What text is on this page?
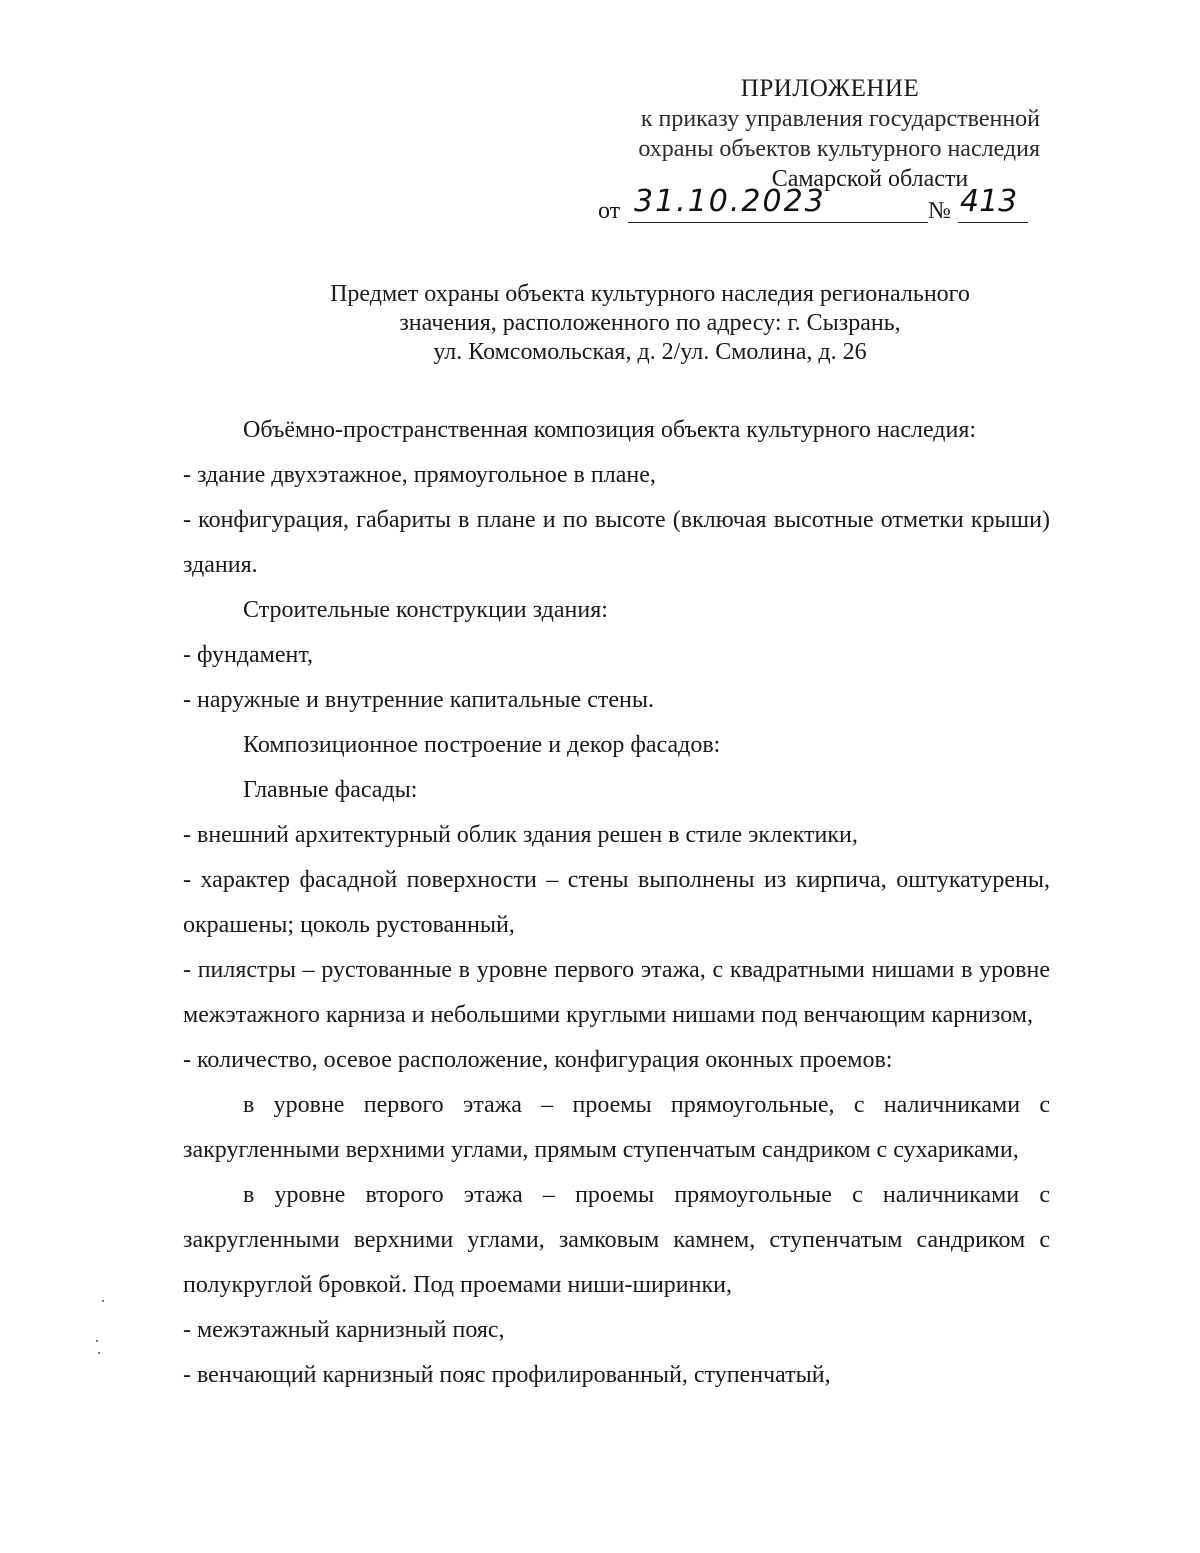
ПРИЛОЖЕНИЕ
к приказу управления государственной
охраны объектов культурного наследия
Самарской области
от 31.10.2023	№ 413
Предмет охраны объекта культурного наследия регионального
значения, расположенного по адресу: г. Сызрань,
ул. Комсомольская, д. 2/ул. Смолина, д. 26

Объёмно-пространственная композиция объекта культурного наследия:

- здание двухэтажное, прямоугольное в плане,

- конфигурация, габариты в плане и по высоте (включая высотные отметки крыши) здания.

Строительные конструкции здания:

- фундамент,

- наружные и внутренние капитальные стены.

Композиционное построение и декор фасадов:

Главные фасады:

- внешний архитектурный облик здания решен в стиле эклектики,

- характер фасадной поверхности – стены выполнены из кирпича, оштукатурены, окрашены; цоколь рустованный,

- пилястры – рустованные в уровне первого этажа, с квадратными нишами в уровне межэтажного карниза и небольшими круглыми нишами под венчающим карнизом,

- количество, осевое расположение, конфигурация оконных проемов:

в уровне первого этажа – проемы прямоугольные, с наличниками с закругленными верхними углами, прямым ступенчатым сандриком с сухариками,

в уровне второго этажа – проемы прямоугольные с наличниками с закругленными верхними углами, замковым камнем, ступенчатым сандриком с полукруглой бровкой. Под проемами ниши-ширинки,

- межэтажный карнизный пояс,

- венчающий карнизный пояс профилированный, ступенчатый,
